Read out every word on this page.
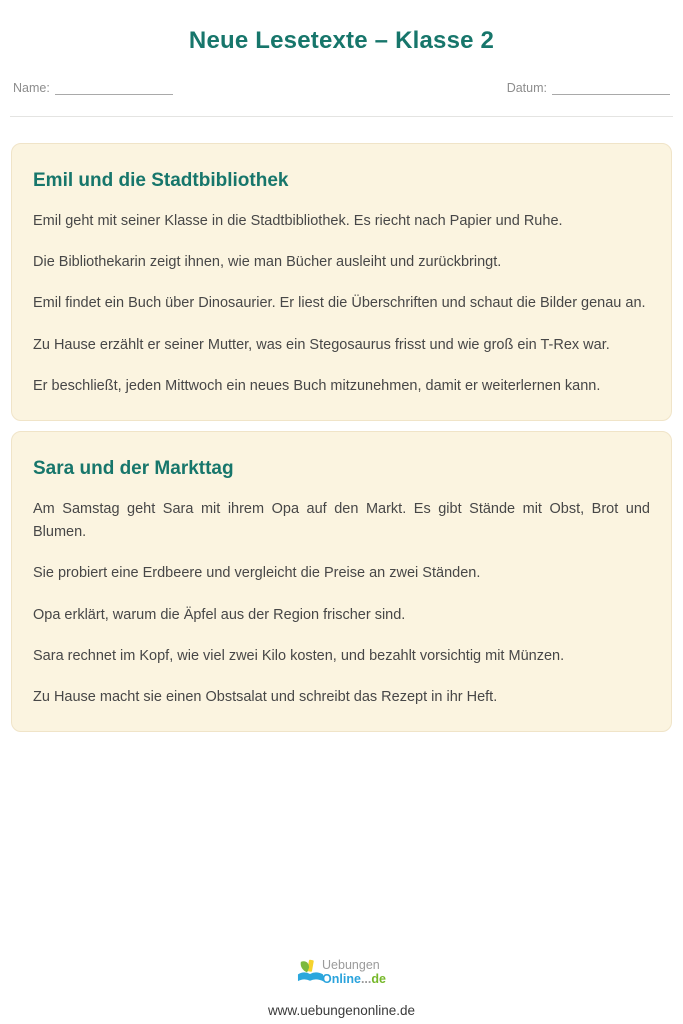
Neue Lesetexte – Klasse 2
Name:	Datum:
Emil und die Stadtbibliothek

Emil geht mit seiner Klasse in die Stadtbibliothek. Es riecht nach Papier und Ruhe.

Die Bibliothekarin zeigt ihnen, wie man Bücher ausleiht und zurückbringt.

Emil findet ein Buch über Dinosaurier. Er liest die Überschriften und schaut die Bilder genau an.

Zu Hause erzählt er seiner Mutter, was ein Stegosaurus frisst und wie groß ein T-Rex war.

Er beschließt, jeden Mittwoch ein neues Buch mitzunehmen, damit er weiterlernen kann.

Sara und der Markttag

Am Samstag geht Sara mit ihrem Opa auf den Markt. Es gibt Stände mit Obst, Brot und Blumen.

Sie probiert eine Erdbeere und vergleicht die Preise an zwei Ständen.

Opa erklärt, warum die Äpfel aus der Region frischer sind.

Sara rechnet im Kopf, wie viel zwei Kilo kosten, und bezahlt vorsichtig mit Münzen.

Zu Hause macht sie einen Obstsalat und schreibt das Rezept in ihr Heft.

Uebungen
Online...de
www.uebungenonline.de
